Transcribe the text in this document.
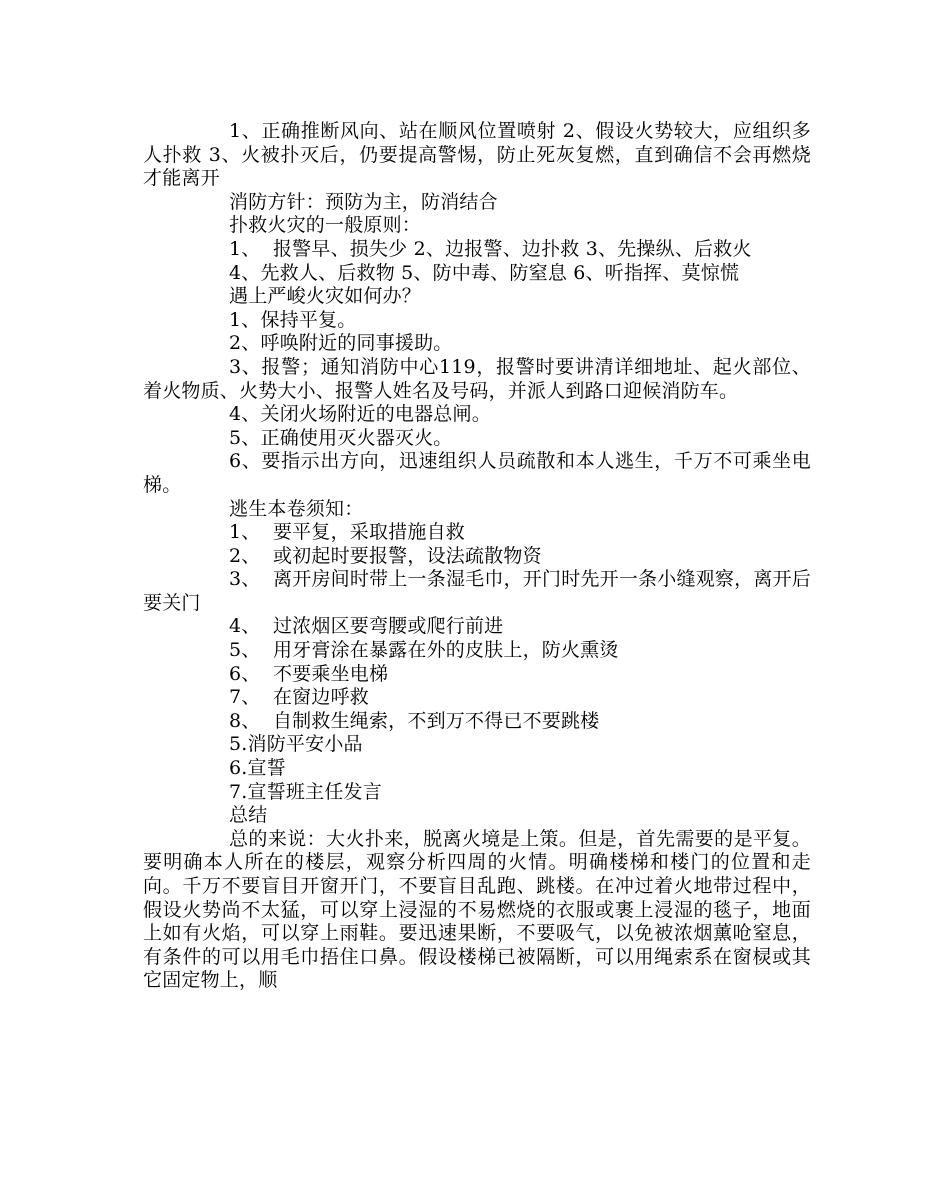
1、正确推断风向、站在顺风位置喷射 2、假设火势较大，应组织多人扑救 3、火被扑灭后，仍要提高警惕，防止死灰复燃，直到确信不会再燃烧才能离开

消防方针：预防为主，防消结合

扑救火灾的一般原则：

1、  报警早、损失少 2、边报警、边扑救 3、先操纵、后救火

4、先救人、后救物 5、防中毒、防窒息 6、听指挥、莫惊慌

遇上严峻火灾如何办？

1、保持平复。

2、呼唤附近的同事援助。

3、报警；通知消防中心119，报警时要讲清详细地址、起火部位、着火物质、火势大小、报警人姓名及号码，并派人到路口迎候消防车。

4、关闭火场附近的电器总闸。

5、正确使用灭火器灭火。

6、要指示出方向，迅速组织人员疏散和本人逃生，千万不可乘坐电梯。

逃生本卷须知：

1、  要平复，采取措施自救

2、  或初起时要报警，设法疏散物资

3、  离开房间时带上一条湿毛巾，开门时先开一条小缝观察，离开后要关门

4、  过浓烟区要弯腰或爬行前进

5、  用牙膏涂在暴露在外的皮肤上，防火熏烫

6、  不要乘坐电梯

7、  在窗边呼救

8、  自制救生绳索，不到万不得已不要跳楼

5.消防平安小品

6.宣誓

7.宣誓班主任发言

总结

总的来说：大火扑来，脱离火境是上策。但是，首先需要的是平复。要明确本人所在的楼层，观察分析四周的火情。明确楼梯和楼门的位置和走向。千万不要盲目开窗开门，不要盲目乱跑、跳楼。在冲过着火地带过程中，假设火势尚不太猛，可以穿上浸湿的不易燃烧的衣服或裹上浸湿的毯子，地面上如有火焰，可以穿上雨鞋。要迅速果断，不要吸气，以免被浓烟薰呛窒息，有条件的可以用毛巾捂住口鼻。假设楼梯已被隔断，可以用绳索系在窗棂或其它固定物上，顺
